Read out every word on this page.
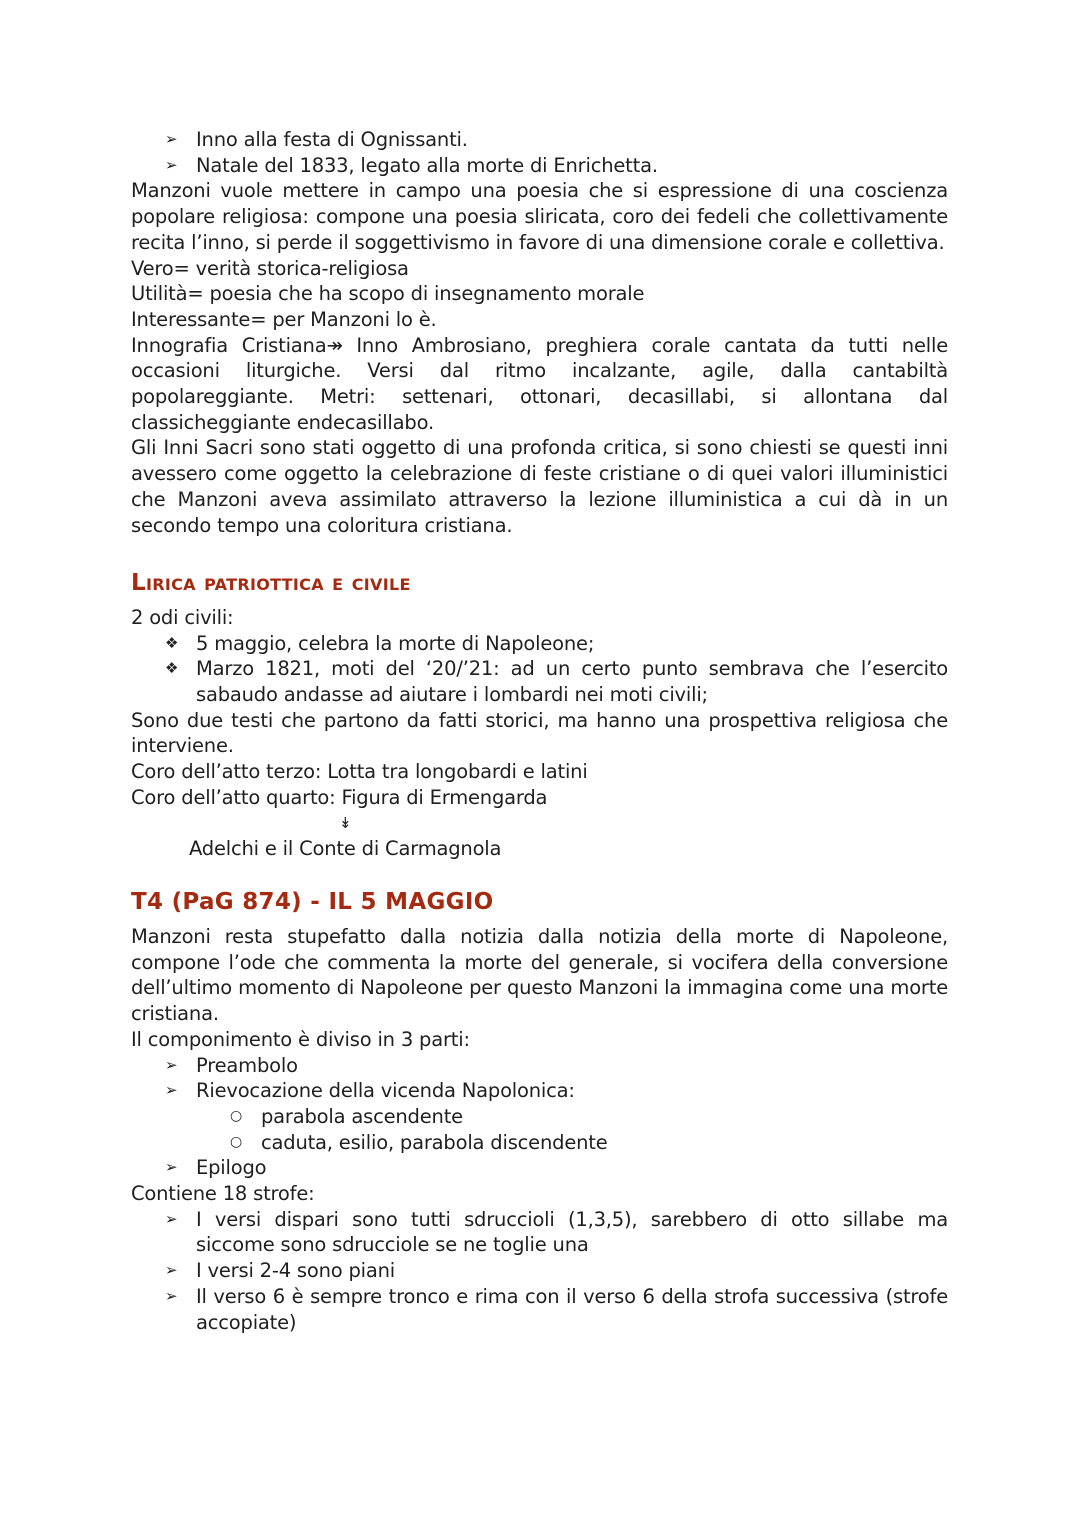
➢ Inno alla festa di Ognissanti.
➢ Natale del 1833, legato alla morte di Enrichetta.

Manzoni vuole mettere in campo una poesia che si espressione di una coscienza popolare religiosa: compone una poesia sliricata, coro dei fedeli che collettivamente recita l’inno, si perde il soggettivismo in favore di una dimensione corale e collettiva.

Vero= verità storica-religiosa

Utilità= poesia che ha scopo di insegnamento morale

Interessante= per Manzoni lo è.

Innografia Cristiana↠ Inno Ambrosiano, preghiera corale cantata da tutti nelle occasioni liturgiche. Versi dal ritmo incalzante, agile, dalla cantabiltà popolareggiante. Metri: settenari, ottonari, decasillabi, si allontana dal classicheggiante endecasillabo.

Gli Inni Sacri sono stati oggetto di una profonda critica, si sono chiesti se questi inni avessero come oggetto la celebrazione di feste cristiane o di quei valori illuministici che Manzoni aveva assimilato attraverso la lezione illuministica a cui dà in un secondo tempo una coloritura cristiana.

Lirica patriottica e civile

2 odi civili:

❖ 5 maggio, celebra la morte di Napoleone;
❖ Marzo 1821, moti del ‘20/’21: ad un certo punto sembrava che l’esercito sabaudo andasse ad aiutare i lombardi nei moti civili;

Sono due testi che partono da fatti storici, ma hanno una prospettiva religiosa che interviene.

Coro dell’atto terzo: Lotta tra longobardi e latini

Coro dell’atto quarto: Figura di Ermengarda

↡

Adelchi e il Conte di Carmagnola

T4 (PaG 874) - IL 5 MAGGIO

Manzoni resta stupefatto dalla notizia dalla notizia della morte di Napoleone, compone l’ode che commenta la morte del generale, si vocifera della conversione dell’ultimo momento di Napoleone per questo Manzoni la immagina come una morte cristiana.

Il componimento è diviso in 3 parti:

➢ Preambolo
➢ Rievocazione della vicenda Napolonica:
○ parabola ascendente
○ caduta, esilio, parabola discendente
➢ Epilogo

Contiene 18 strofe:

➢ I versi dispari sono tutti sdruccioli (1,3,5), sarebbero di otto sillabe ma siccome sono sdrucciole se ne toglie una
➢ I versi 2-4 sono piani
➢ Il verso 6 è sempre tronco e rima con il verso 6 della strofa successiva (strofe accopiate)
